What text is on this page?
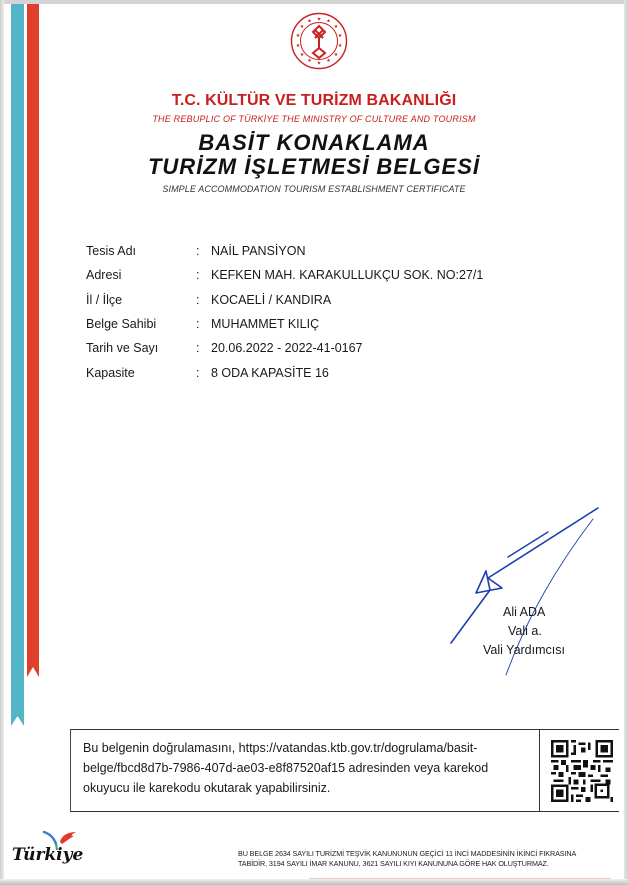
★ ★
★
★
★
★
★
★
★
★
★
★
★
★
T.C. KÜLTÜR VE TURİZM BAKANLIĞI
THE REBUPLIC OF TÜRKİYE THE MINISTRY OF CULTURE AND TOURISM
BASİT KONAKLAMA
TURİZM İŞLETMESİ BELGESİ
SIMPLE ACCOMMODATION TOURISM ESTABLISHMENT CERTIFICATE
Tesis Adı	: NAİL PANSİYON
Adresi	: KEFKEN MAH. KARAKULLUKÇU SOK. NO:27/1
İl / İlçe	: KOCAELİ / KANDIRA
Belge Sahibi	: MUHAMMET KILIÇ
Tarih ve Sayı	: 20.06.2022 - 2022-41-0167
Kapasite	: 8 ODA KAPASİTE 16
Ali ADA
Vali a.
Vali Yardımcısı
Bu belgenin doğrulamasını, https://vatandas.ktb.gov.tr/dogrulama/basit-
belge/fbcd8d7b-7986-407d-ae03-e8f87520af15 adresinden veya karekod
okuyucu ile karekodu okutarak yapabilirsiniz.
Türkiye	BU BELGE 2634 SAYILI TURİZMİ TEŞVİK KANUNUNUN GEÇİCİ 11 İNCİ MADDESİNİN İKİNCİ FIKRASINA
TABİDİR, 3194 SAYILI İMAR KANUNU, 3621 SAYILI KIYI KANUNUNA GÖRE HAK OLUŞTURMAZ.
